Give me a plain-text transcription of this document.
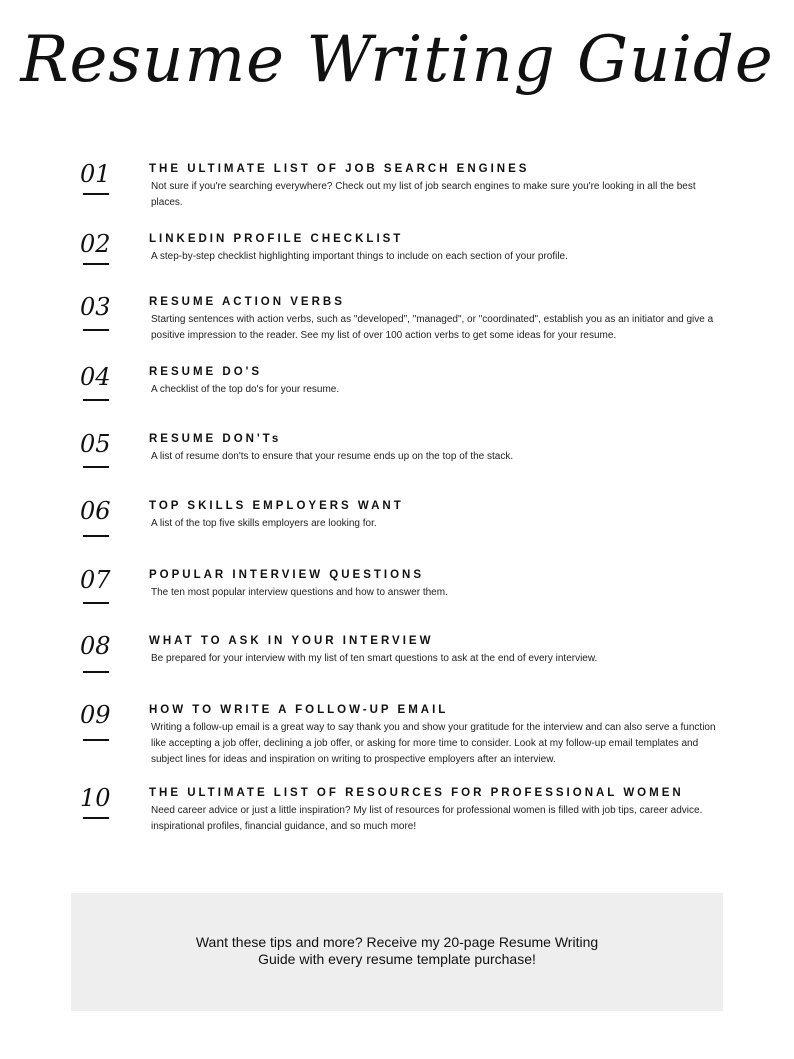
Resume Writing Guide
01	THE ULTIMATE LIST OF JOB SEARCH ENGINES
Not sure if you're searching everywhere? Check out my list of job search engines to make sure you're looking in all the best places.
02	LINKEDIN PROFILE CHECKLIST
A step-by-step checklist highlighting important things to include on each section of your profile.
03	RESUME ACTION VERBS
Starting sentences with action verbs, such as "developed", "managed", or "coordinated", establish you as an initiator and give a positive impression to the reader. See my list of over 100 action verbs to get some ideas for your resume.
04	RESUME DO'S
A checklist of the top do's for your resume.
05	RESUME DON'Ts
A list of resume don'ts to ensure that your resume ends up on the top of the stack.
06	TOP SKILLS EMPLOYERS WANT
A list of the top five skills employers are looking for.
07	POPULAR INTERVIEW QUESTIONS
The ten most popular interview questions and how to answer them.
08	WHAT TO ASK IN YOUR INTERVIEW
Be prepared for your interview with my list of ten smart questions to ask at the end of every interview.
09	HOW TO WRITE A FOLLOW-UP EMAIL
Writing a follow-up email is a great way to say thank you and show your gratitude for the interview and can also serve a function like accepting a job offer, declining a job offer, or asking for more time to consider. Look at my follow-up email templates and subject lines for ideas and inspiration on writing to prospective employers after an interview.
10	THE ULTIMATE LIST OF RESOURCES FOR PROFESSIONAL WOMEN
Need career advice or just a little inspiration? My list of resources for professional women is filled with job tips, career advice. inspirational profiles, financial guidance, and so much more!
Want these tips and more? Receive my 20-page Resume Writing Guide with every resume template purchase!
